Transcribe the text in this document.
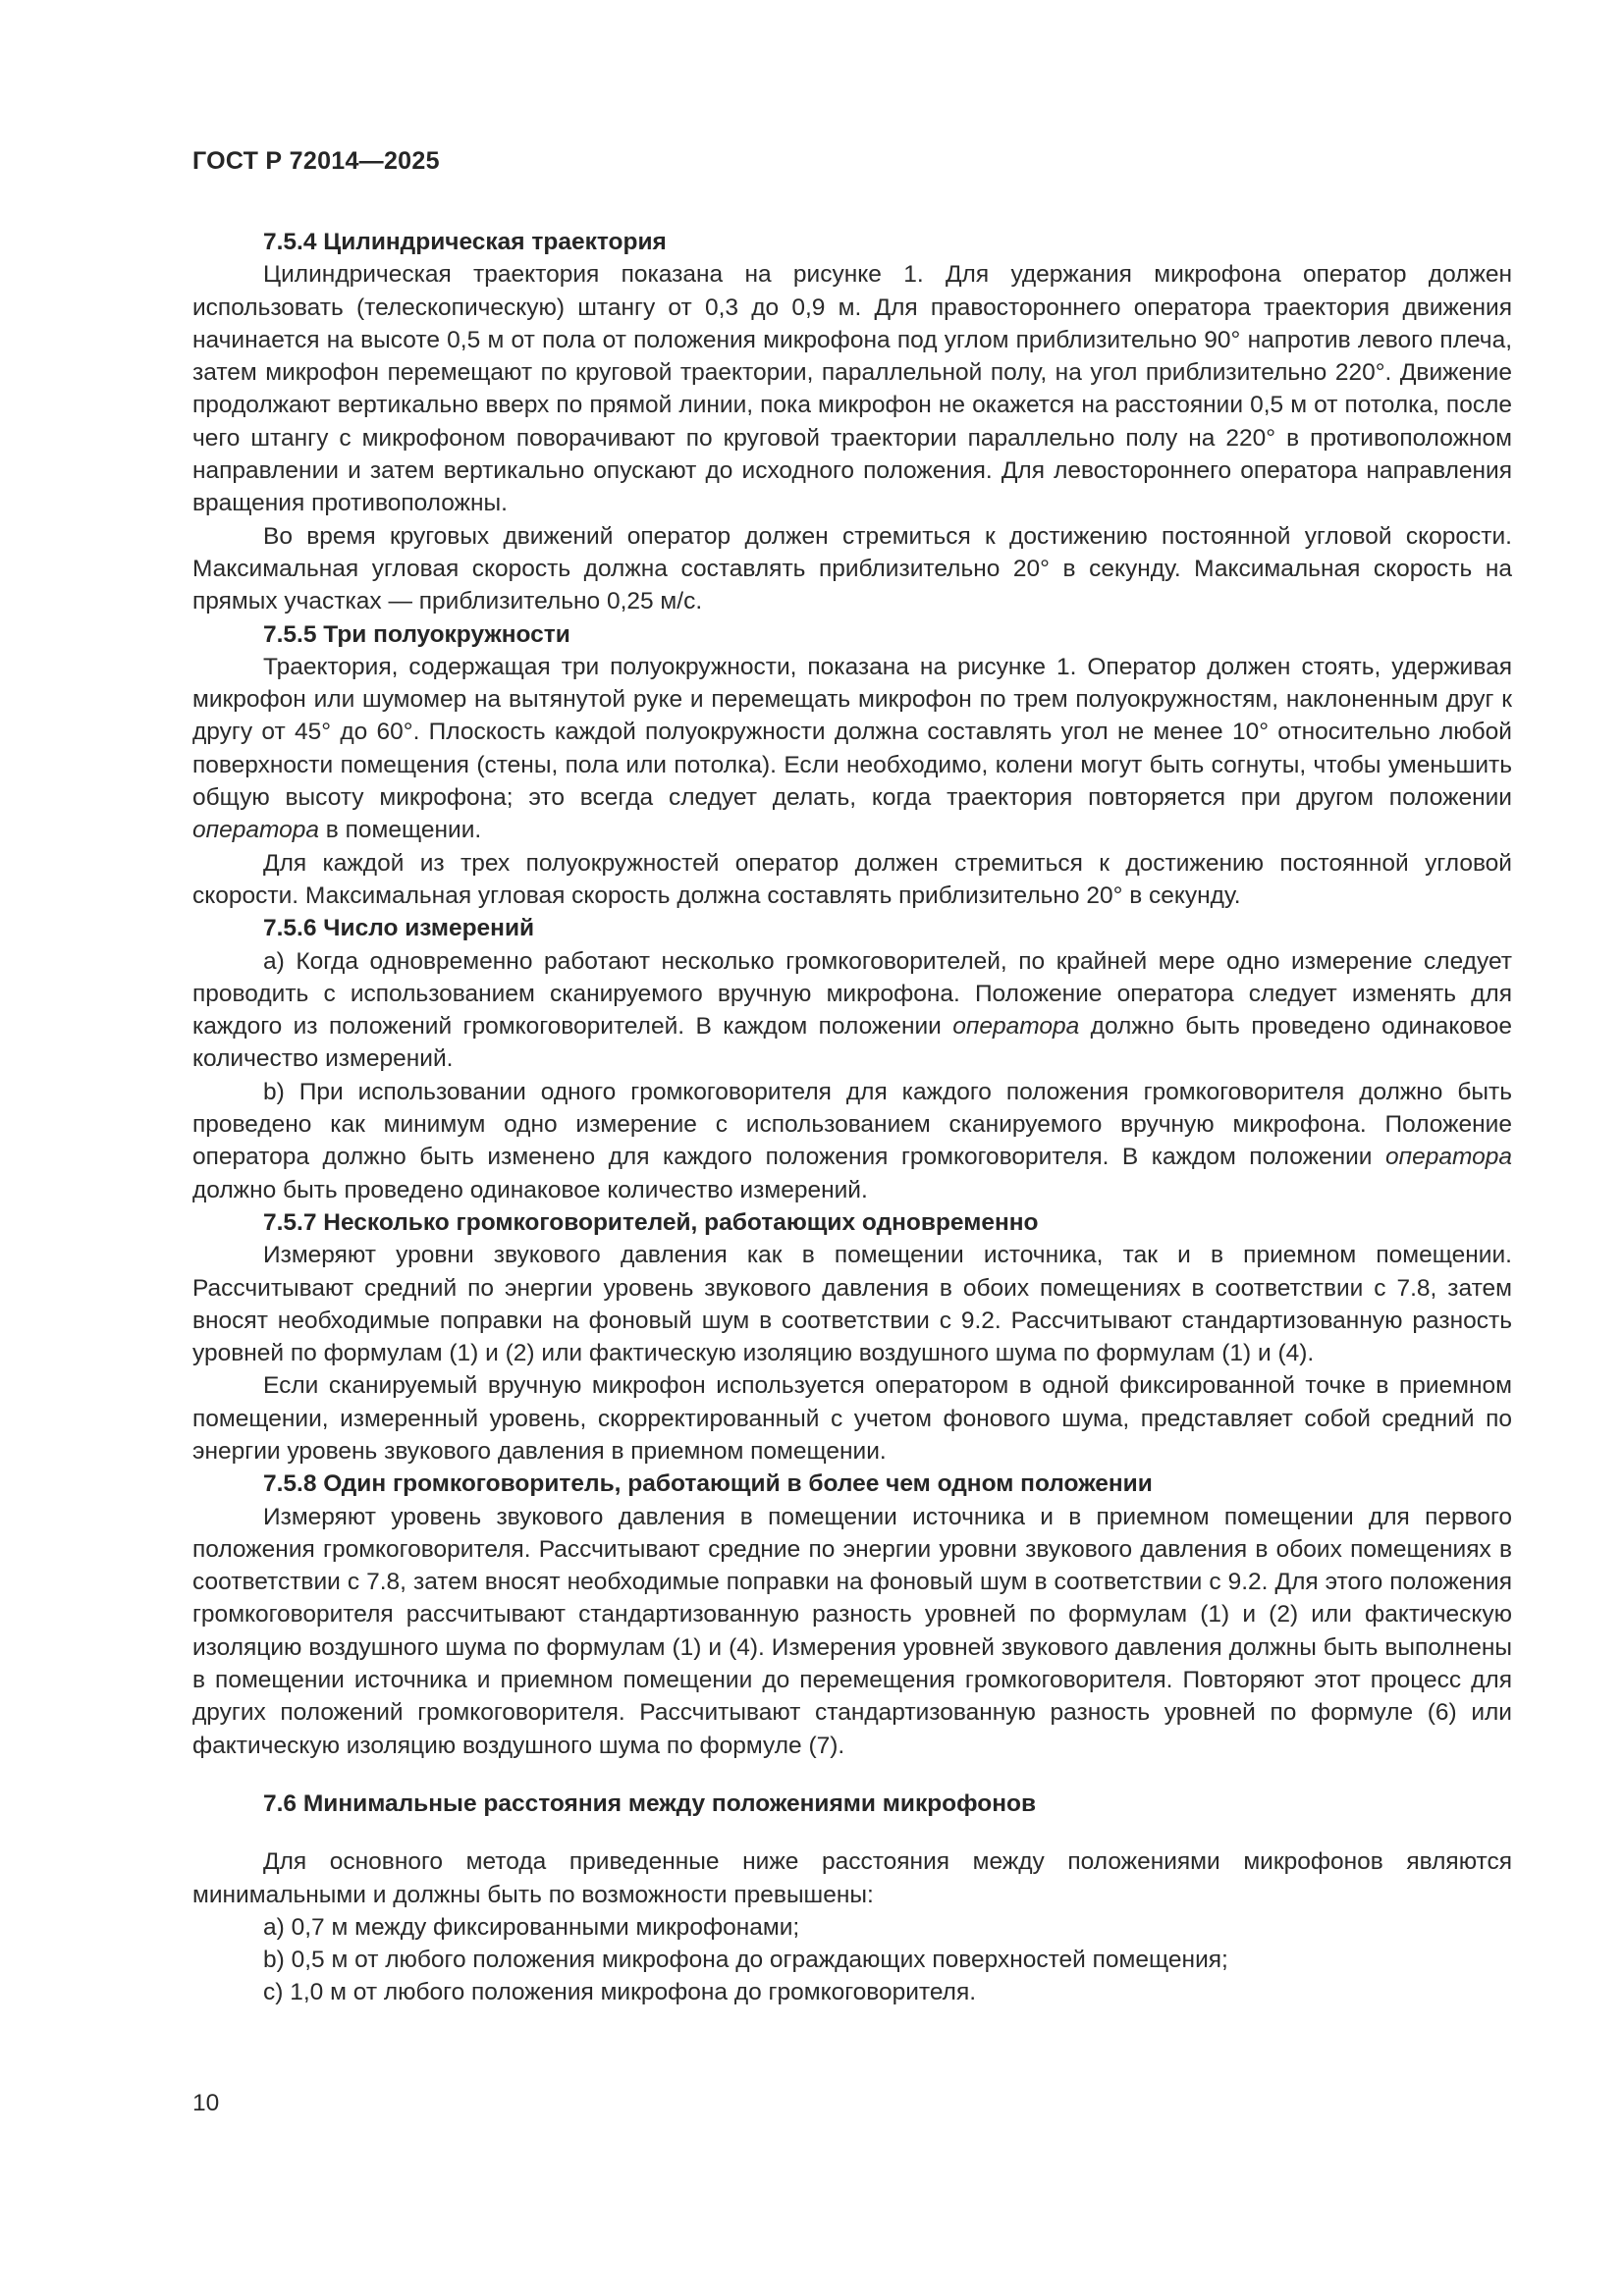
ГОСТ Р 72014—2025

7.5.4 Цилиндрическая траектория

Цилиндрическая траектория показана на рисунке 1. Для удержания микрофона оператор должен использовать (телескопическую) штангу от 0,3 до 0,9 м. Для правостороннего оператора траектория движения начинается на высоте 0,5 м от пола от положения микрофона под углом приблизительно 90° напротив левого плеча, затем микрофон перемещают по круговой траектории, параллельной полу, на угол приблизительно 220°. Движение продолжают вертикально вверх по прямой линии, пока микрофон не окажется на расстоянии 0,5 м от потолка, после чего штангу с микрофоном поворачивают по круговой траектории параллельно полу на 220° в противоположном направлении и затем вертикально опускают до исходного положения. Для левостороннего оператора направления вращения противоположны.

Во время круговых движений оператор должен стремиться к достижению постоянной угловой скорости. Максимальная угловая скорость должна составлять приблизительно 20° в секунду. Максимальная скорость на прямых участках — приблизительно 0,25 м/с.

7.5.5 Три полуокружности

Траектория, содержащая три полуокружности, показана на рисунке 1. Оператор должен стоять, удерживая микрофон или шумомер на вытянутой руке и перемещать микрофон по трем полуокружностям, наклоненным друг к другу от 45° до 60°. Плоскость каждой полуокружности должна составлять угол не менее 10° относительно любой поверхности помещения (стены, пола или потолка). Если необходимо, колени могут быть согнуты, чтобы уменьшить общую высоту микрофона; это всегда следует делать, когда траектория повторяется при другом положении оператора в помещении.

Для каждой из трех полуокружностей оператор должен стремиться к достижению постоянной угловой скорости. Максимальная угловая скорость должна составлять приблизительно 20° в секунду.

7.5.6 Число измерений

a) Когда одновременно работают несколько громкоговорителей, по крайней мере одно измерение следует проводить с использованием сканируемого вручную микрофона. Положение оператора следует изменять для каждого из положений громкоговорителей. В каждом положении оператора должно быть проведено одинаковое количество измерений.

b) При использовании одного громкоговорителя для каждого положения громкоговорителя должно быть проведено как минимум одно измерение с использованием сканируемого вручную микрофона. Положение оператора должно быть изменено для каждого положения громкоговорителя. В каждом положении оператора должно быть проведено одинаковое количество измерений.

7.5.7 Несколько громкоговорителей, работающих одновременно

Измеряют уровни звукового давления как в помещении источника, так и в приемном помещении. Рассчитывают средний по энергии уровень звукового давления в обоих помещениях в соответствии с 7.8, затем вносят необходимые поправки на фоновый шум в соответствии с 9.2. Рассчитывают стандартизованную разность уровней по формулам (1) и (2) или фактическую изоляцию воздушного шума по формулам (1) и (4).

Если сканируемый вручную микрофон используется оператором в одной фиксированной точке в приемном помещении, измеренный уровень, скорректированный с учетом фонового шума, представляет собой средний по энергии уровень звукового давления в приемном помещении.

7.5.8 Один громкоговоритель, работающий в более чем одном положении

Измеряют уровень звукового давления в помещении источника и в приемном помещении для первого положения громкоговорителя. Рассчитывают средние по энергии уровни звукового давления в обоих помещениях в соответствии с 7.8, затем вносят необходимые поправки на фоновый шум в соответствии с 9.2. Для этого положения громкоговорителя рассчитывают стандартизованную разность уровней по формулам (1) и (2) или фактическую изоляцию воздушного шума по формулам (1) и (4). Измерения уровней звукового давления должны быть выполнены в помещении источника и приемном помещении до перемещения громкоговорителя. Повторяют этот процесс для других положений громкоговорителя. Рассчитывают стандартизованную разность уровней по формуле (6) или фактическую изоляцию воздушного шума по формуле (7).

7.6 Минимальные расстояния между положениями микрофонов

Для основного метода приведенные ниже расстояния между положениями микрофонов являются минимальными и должны быть по возможности превышены:

a) 0,7 м между фиксированными микрофонами;

b) 0,5 м от любого положения микрофона до ограждающих поверхностей помещения;

c) 1,0 м от любого положения микрофона до громкоговорителя.

10
